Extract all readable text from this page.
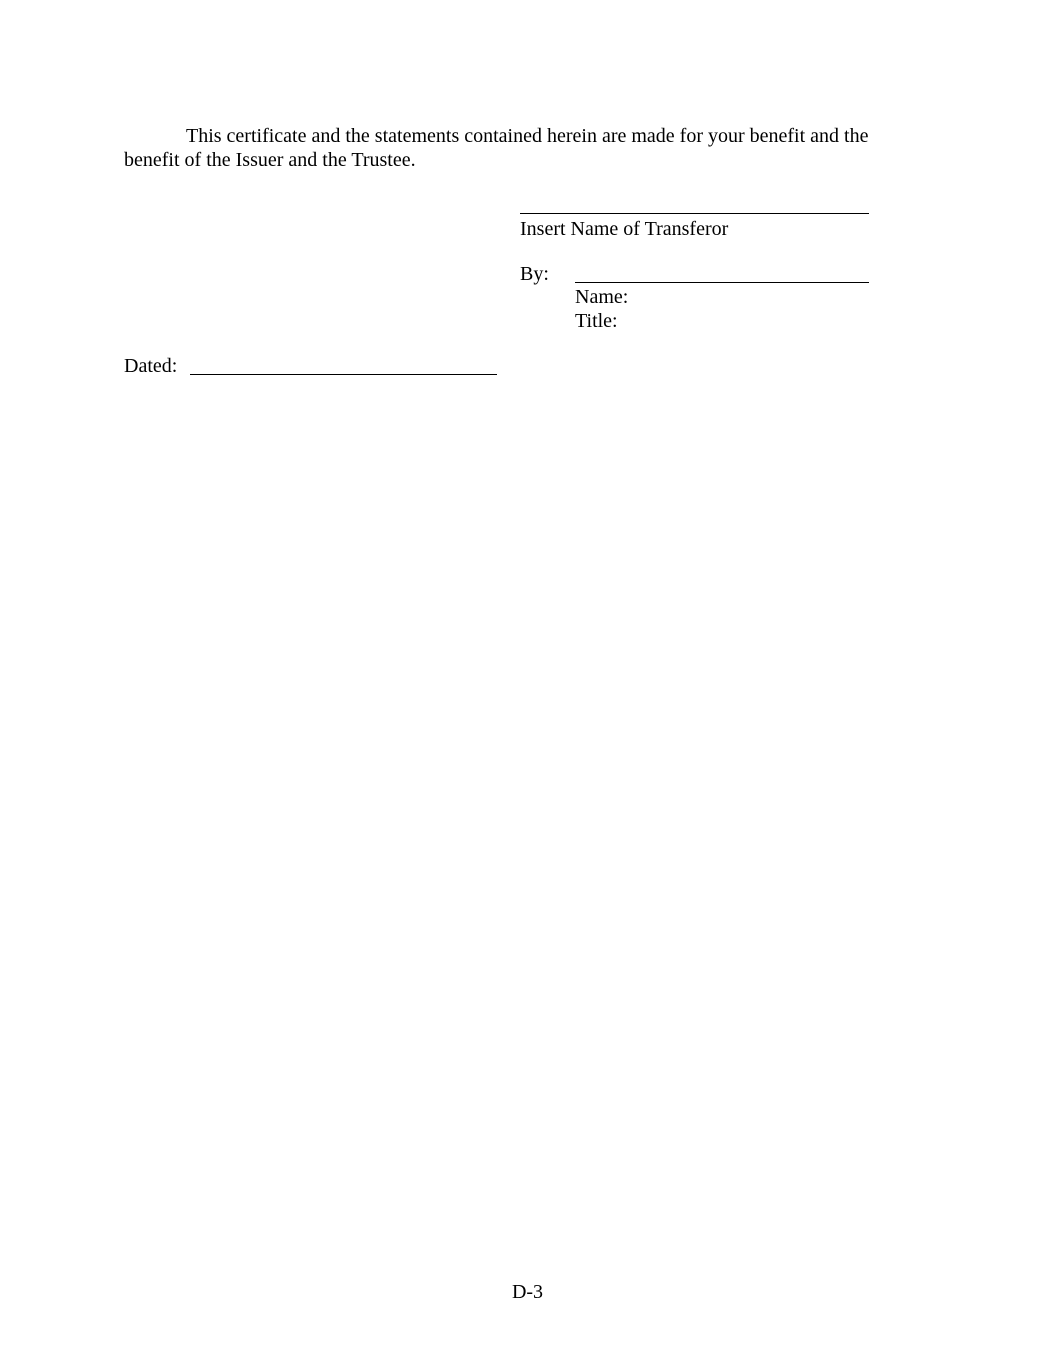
This certificate and the statements contained herein are made for your benefit and the benefit of the Issuer and the Trustee.

Insert Name of Transferor
By:
Name:
Title:
Dated:
D-3
